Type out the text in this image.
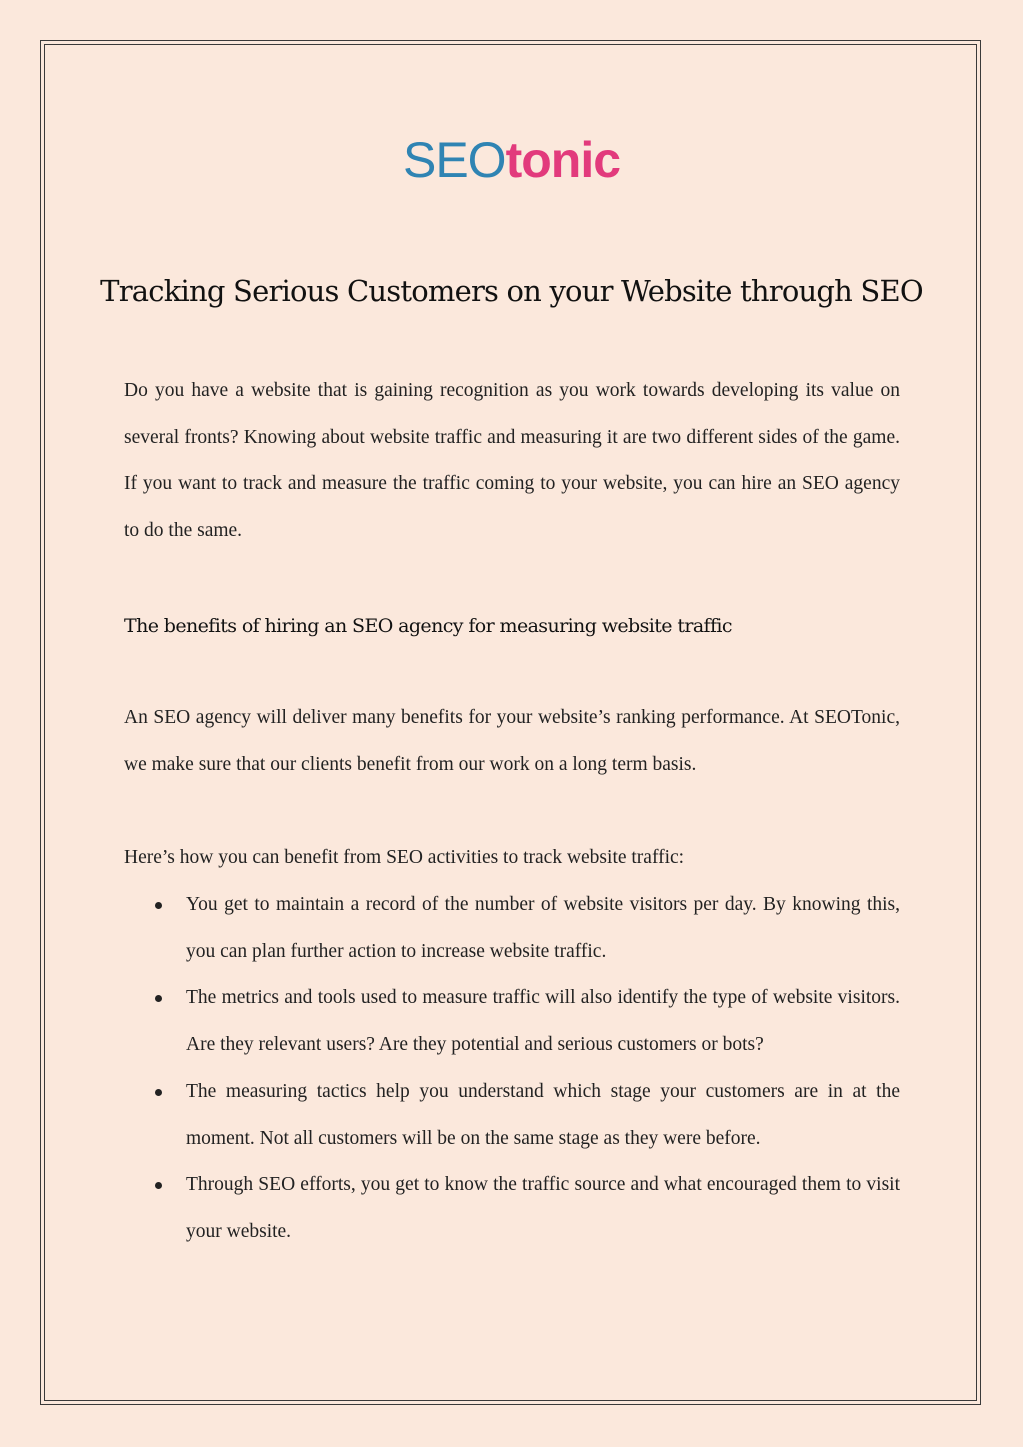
SEOtonic
Tracking Serious Customers on your Website through SEO

Do you have a website that is gaining recognition as you work towards developing its value on several fronts? Knowing about website traffic and measuring it are two different sides of the game. If you want to track and measure the traffic coming to your website, you can hire an SEO agency to do the same.

The benefits of hiring an SEO agency for measuring website traffic

An SEO agency will deliver many benefits for your website’s ranking performance. At SEOTonic, we make sure that our clients benefit from our work on a long term basis.

Here’s how you can benefit from SEO activities to track website traffic:

You get to maintain a record of the number of website visitors per day. By knowing this, you can plan further action to increase website traffic.
The metrics and tools used to measure traffic will also identify the type of website visitors. Are they relevant users? Are they potential and serious customers or bots?
The measuring tactics help you understand which stage your customers are in at the moment. Not all customers will be on the same stage as they were before.
Through SEO efforts, you get to know the traffic source and what encouraged them to visit your website.
